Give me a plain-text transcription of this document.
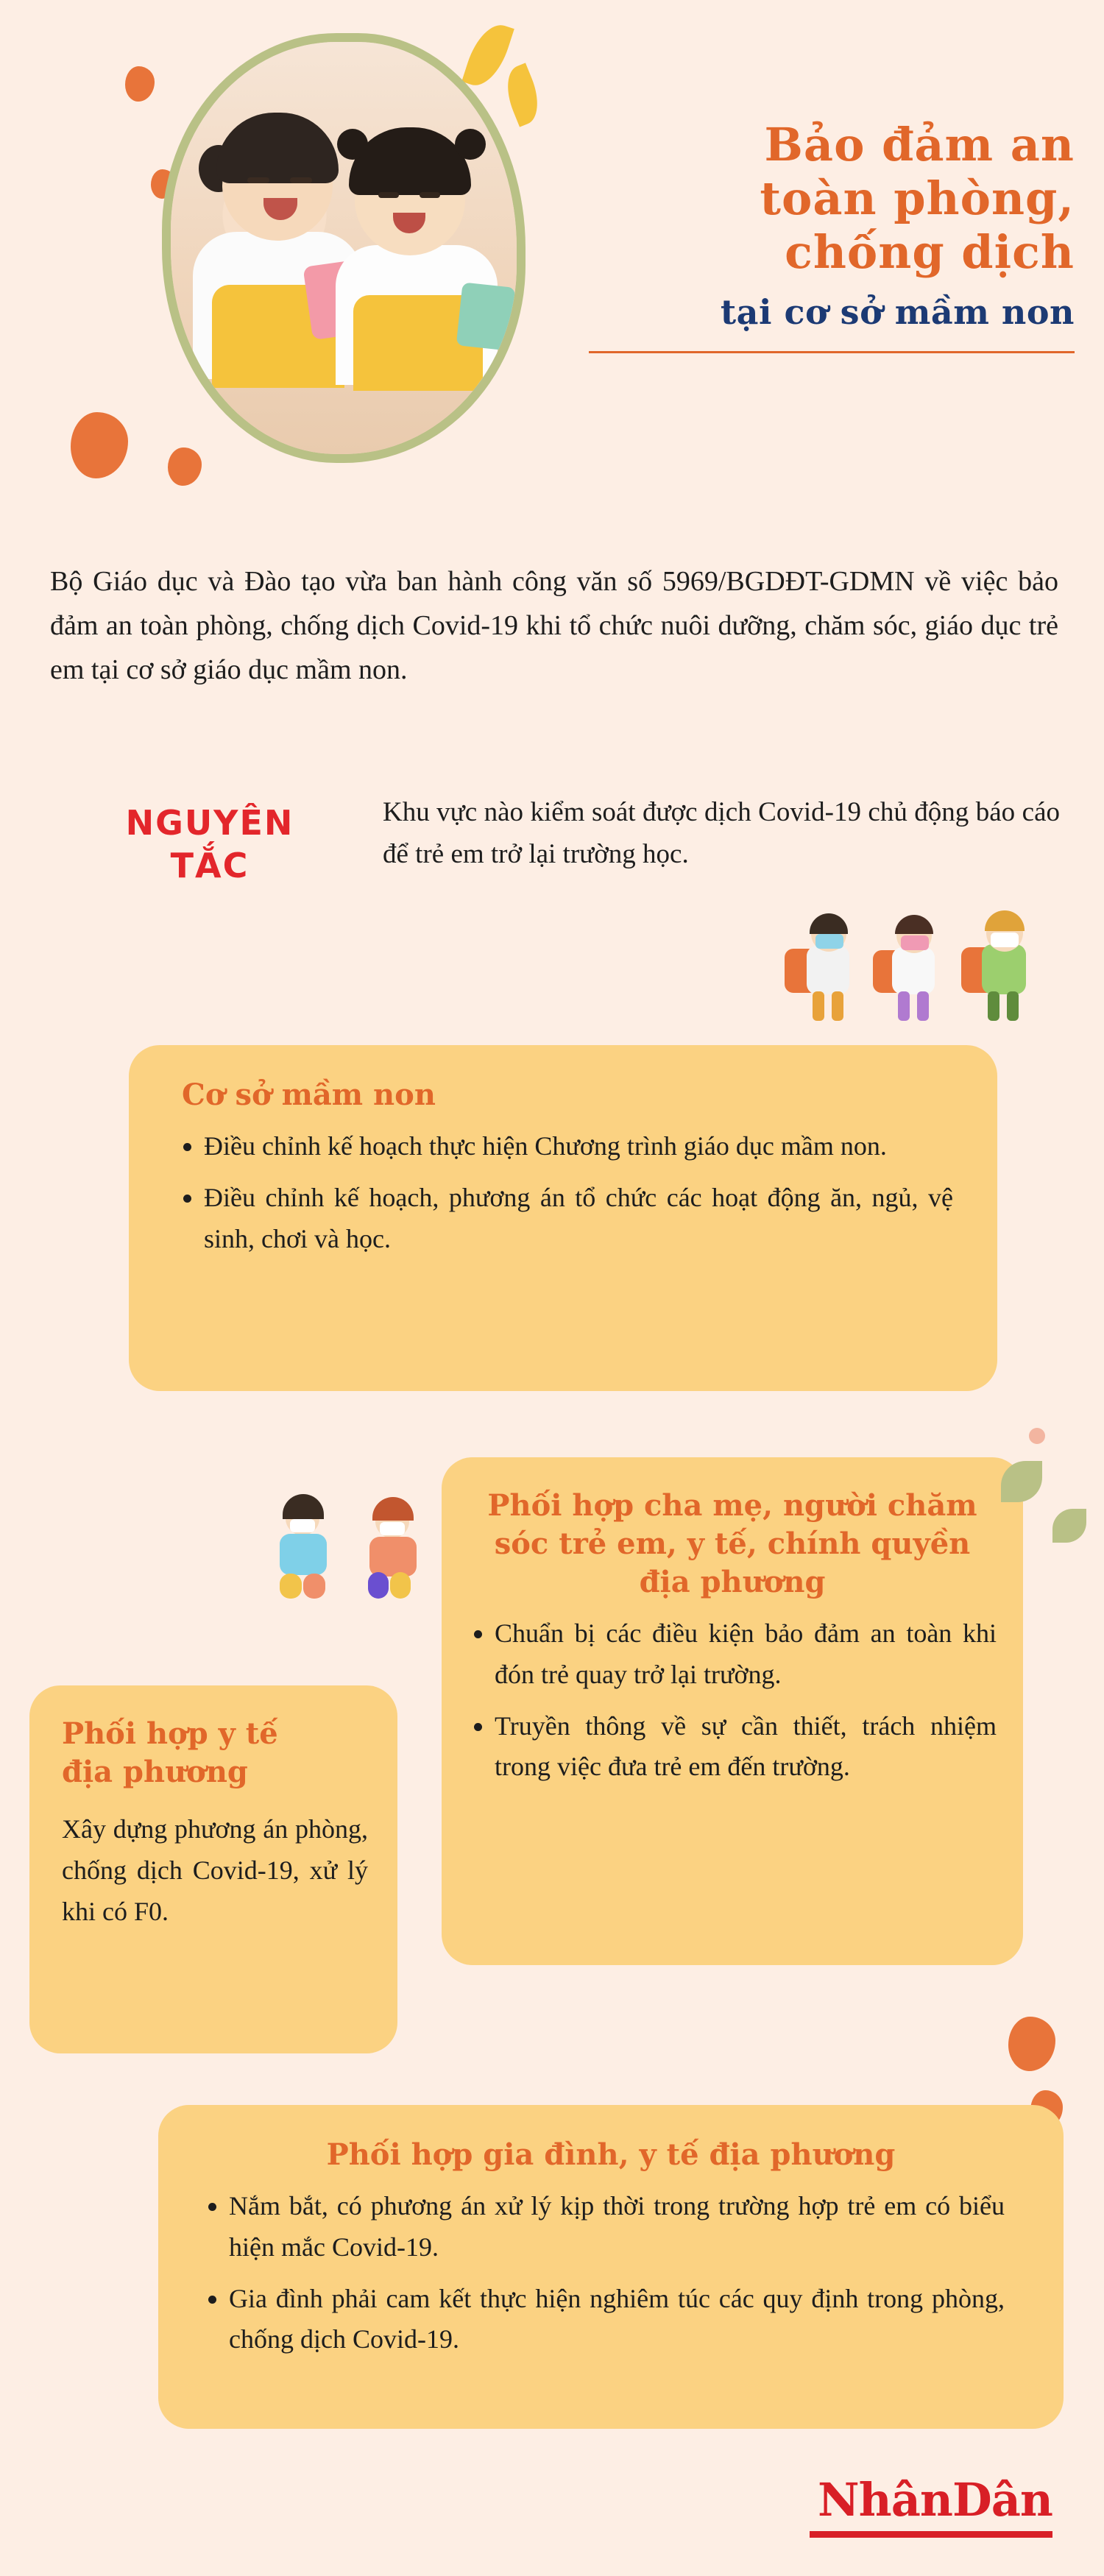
Bảo đảm an
toàn phòng,
chống dịch
tại cơ sở mầm non
Bộ Giáo dục và Đào tạo vừa ban hành công văn số 5969/BGDĐT-GDMN về việc bảo đảm an toàn phòng, chống dịch Covid-19 khi tổ chức nuôi dưỡng, chăm sóc, giáo dục trẻ em tại cơ sở giáo dục mầm non.
NGUYÊN
TẮC
Khu vực nào kiểm soát được dịch Covid-19 chủ động báo cáo để trẻ em trở lại trường học.
Cơ sở mầm non
• Điều chỉnh kế hoạch thực hiện Chương trình giáo dục mầm non.
• Điều chỉnh kế hoạch, phương án tổ chức các hoạt động ăn, ngủ, vệ sinh, chơi và học.
Phối hợp cha mẹ, người chăm sóc trẻ em, y tế, chính quyền địa phương
• Chuẩn bị các điều kiện bảo đảm an toàn khi đón trẻ quay trở lại trường.
• Truyền thông về sự cần thiết, trách nhiệm trong việc đưa trẻ em đến trường.
Phối hợp y tế
địa phương
Xây dựng phương án phòng, chống dịch Covid-19, xử lý khi có F0.
Phối hợp gia đình, y tế địa phương
• Nắm bắt, có phương án xử lý kịp thời trong trường hợp trẻ em có biểu hiện mắc Covid-19.
• Gia đình phải cam kết thực hiện nghiêm túc các quy định trong phòng, chống dịch Covid-19.
NhânDân
